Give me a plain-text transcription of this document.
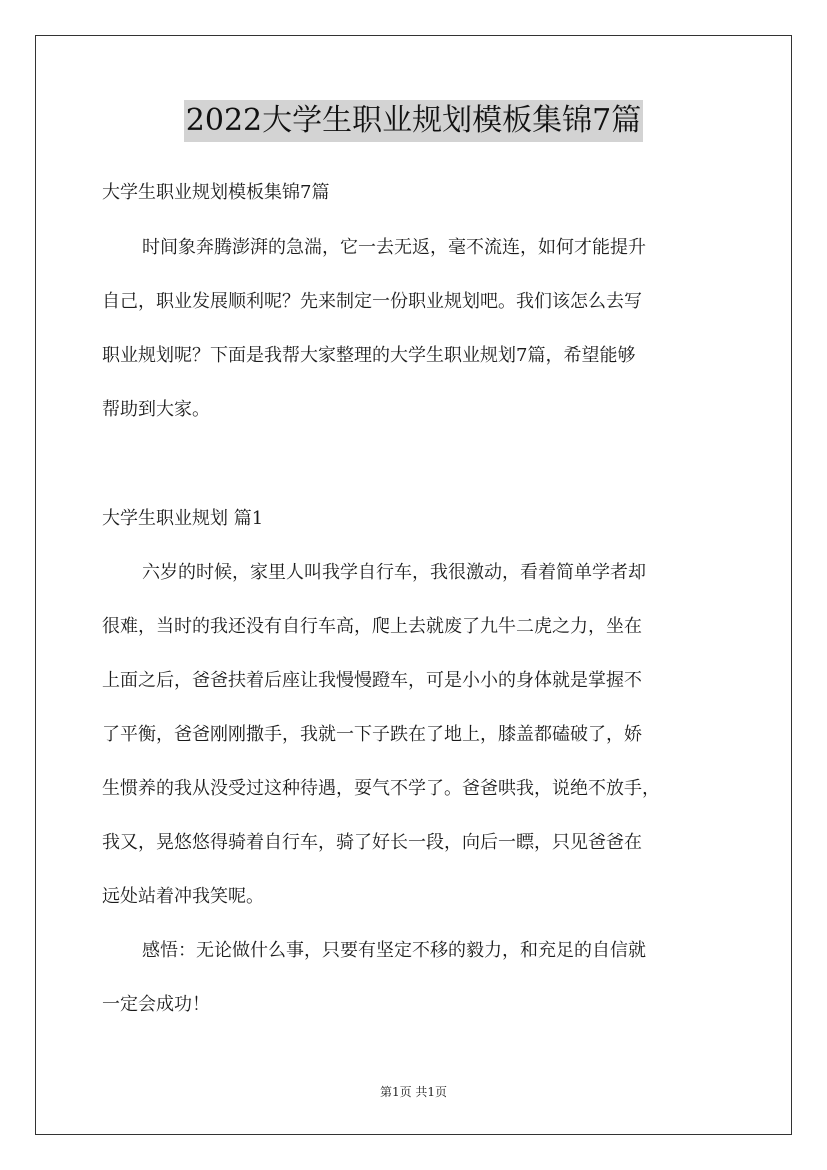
2022大学生职业规划模板集锦7篇
大学生职业规划模板集锦7篇
时间象奔腾澎湃的急湍，它一去无返，毫不流连，如何才能提升
自己，职业发展顺利呢？先来制定一份职业规划吧。我们该怎么去写
职业规划呢？下面是我帮大家整理的大学生职业规划7篇，希望能够
帮助到大家。
大学生职业规划 篇1
六岁的时候，家里人叫我学自行车，我很激动，看着简单学者却
很难，当时的我还没有自行车高，爬上去就废了九牛二虎之力，坐在
上面之后，爸爸扶着后座让我慢慢蹬车，可是小小的身体就是掌握不
了平衡，爸爸刚刚撒手，我就一下子跌在了地上，膝盖都磕破了，娇
生惯养的我从没受过这种待遇，耍气不学了。爸爸哄我，说绝不放手，
我又，晃悠悠得骑着自行车，骑了好长一段，向后一瞟，只见爸爸在
远处站着冲我笑呢。
感悟：无论做什么事，只要有坚定不移的毅力，和充足的自信就
一定会成功！
第1页 共1页
